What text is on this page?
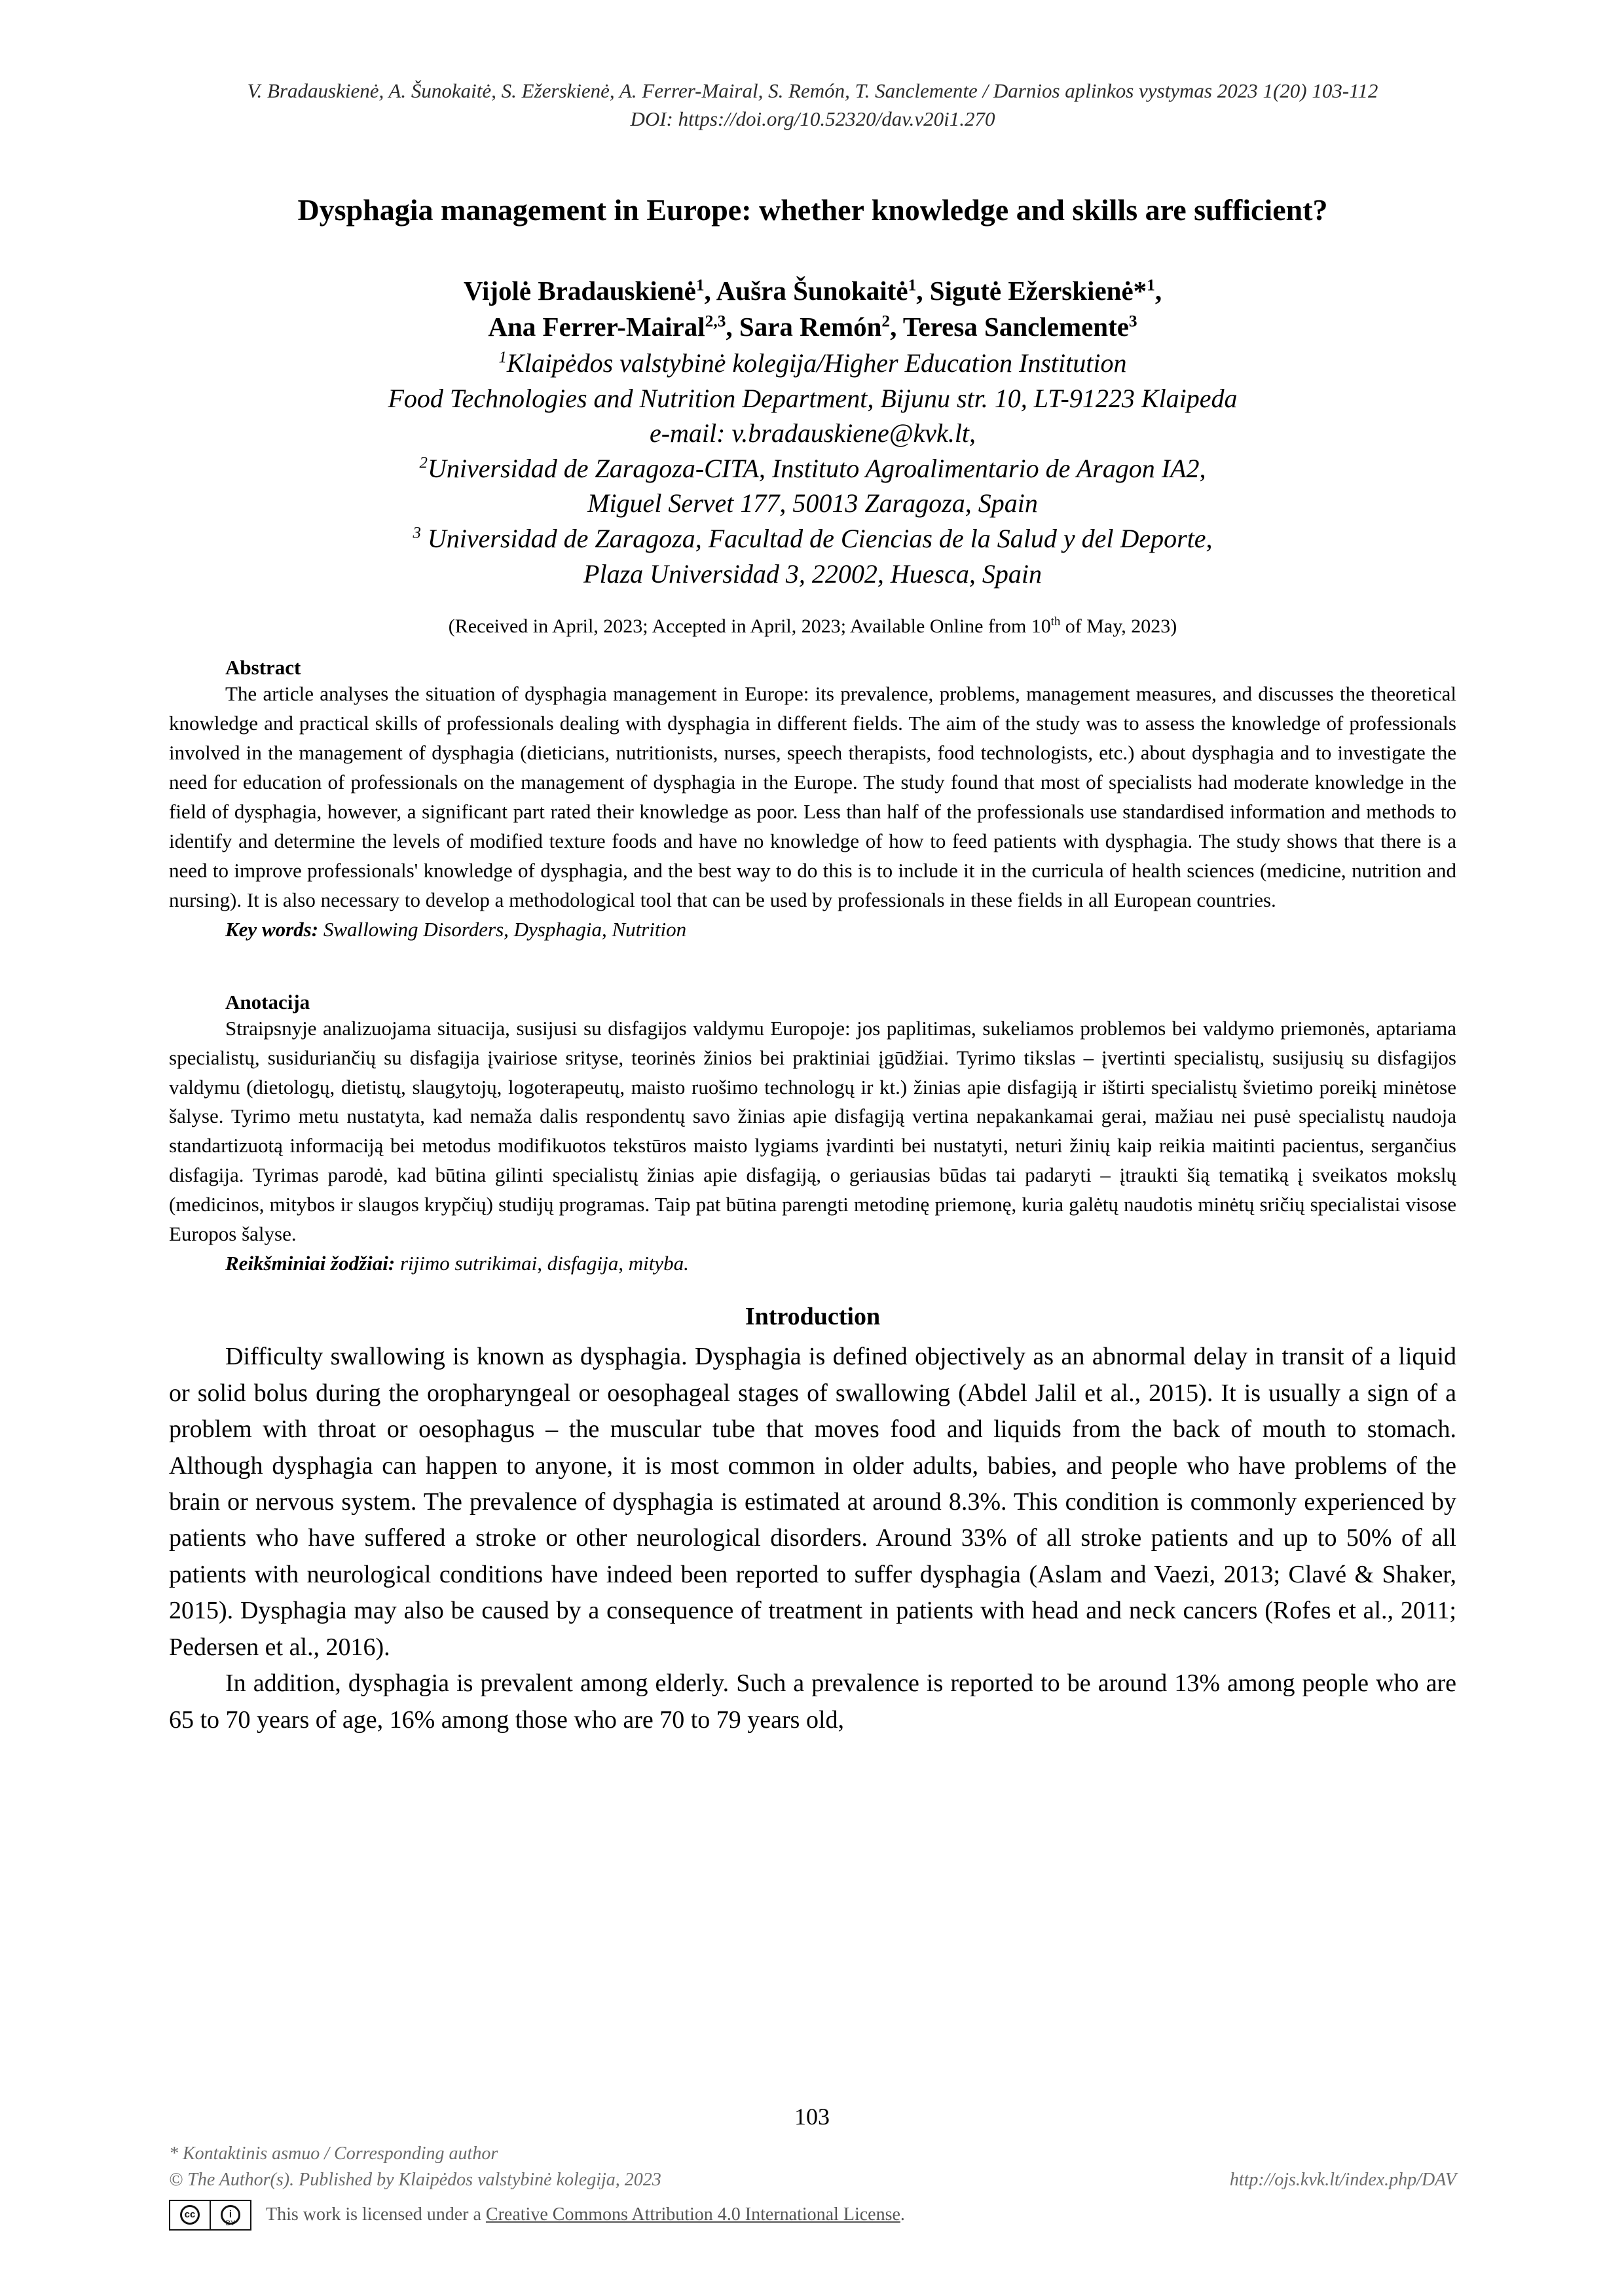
V. Bradauskienė, A. Šunokaitė, S. Ežerskienė, A. Ferrer-Mairal, S. Remón, T. Sanclemente / Darnios aplinkos vystymas 2023 1(20) 103-112
DOI: https://doi.org/10.52320/dav.v20i1.270
Dysphagia management in Europe: whether knowledge and skills are sufficient?
Vijolė Bradauskienė$^1$, Aušra Šunokaitė$^1$, Sigutė Ežerskienė*$^1$,
Ana Ferrer-Mairal$^{2,3}$, Sara Remón$^2$, Teresa Sanclemente$^3$
$^1$Klaipėdos valstybinė kolegija/Higher Education Institution
Food Technologies and Nutrition Department, Bijunu str. 10, LT-91223 Klaipeda
e-mail: v.bradauskiene@kvk.lt,
$^2$Universidad de Zaragoza-CITA, Instituto Agroalimentario de Aragon IA2,
Miguel Servet 177, 50013 Zaragoza, Spain
$^3$ Universidad de Zaragoza, Facultad de Ciencias de la Salud y del Deporte,
Plaza Universidad 3, 22002, Huesca, Spain
(Received in April, 2023; Accepted in April, 2023; Available Online from 10th of May, 2023)
Abstract

The article analyses the situation of dysphagia management in Europe: its prevalence, problems, management measures, and discusses the theoretical knowledge and practical skills of professionals dealing with dysphagia in different fields. The aim of the study was to assess the knowledge of professionals involved in the management of dysphagia (dieticians, nutritionists, nurses, speech therapists, food technologists, etc.) about dysphagia and to investigate the need for education of professionals on the management of dysphagia in the Europe. The study found that most of specialists had moderate knowledge in the field of dysphagia, however, a significant part rated their knowledge as poor. Less than half of the professionals use standardised information and methods to identify and determine the levels of modified texture foods and have no knowledge of how to feed patients with dysphagia. The study shows that there is a need to improve professionals' knowledge of dysphagia, and the best way to do this is to include it in the curricula of health sciences (medicine, nutrition and nursing). It is also necessary to develop a methodological tool that can be used by professionals in these fields in all European countries.

Key words: Swallowing Disorders, Dysphagia, Nutrition

Anotacija

Straipsnyje analizuojama situacija, susijusi su disfagijos valdymu Europoje: jos paplitimas, sukeliamos problemos bei valdymo priemonės, aptariama specialistų, susiduriančių su disfagija įvairiose srityse, teorinės žinios bei praktiniai įgūdžiai. Tyrimo tikslas – įvertinti specialistų, susijusių su disfagijos valdymu (dietologų, dietistų, slaugytojų, logoterapeutų, maisto ruošimo technologų ir kt.) žinias apie disfagiją ir ištirti specialistų švietimo poreikį minėtose šalyse. Tyrimo metu nustatyta, kad nemaža dalis respondentų savo žinias apie disfagiją vertina nepakankamai gerai, mažiau nei pusė specialistų naudoja standartizuotą informaciją bei metodus modifikuotos tekstūros maisto lygiams įvardinti bei nustatyti, neturi žinių kaip reikia maitinti pacientus, sergančius disfagija. Tyrimas parodė, kad būtina gilinti specialistų žinias apie disfagiją, o geriausias būdas tai padaryti – įtraukti šią tematiką į sveikatos mokslų (medicinos, mitybos ir slaugos krypčių) studijų programas. Taip pat būtina parengti metodinę priemonę, kuria galėtų naudotis minėtų sričių specialistai visose Europos šalyse.

Reikšminiai žodžiai: rijimo sutrikimai, disfagija, mityba.

Introduction

Difficulty swallowing is known as dysphagia. Dysphagia is defined objectively as an abnormal delay in transit of a liquid or solid bolus during the oropharyngeal or oesophageal stages of swallowing (Abdel Jalil et al., 2015). It is usually a sign of a problem with throat or oesophagus – the muscular tube that moves food and liquids from the back of mouth to stomach. Although dysphagia can happen to anyone, it is most common in older adults, babies, and people who have problems of the brain or nervous system. The prevalence of dysphagia is estimated at around 8.3%. This condition is commonly experienced by patients who have suffered a stroke or other neurological disorders. Around 33% of all stroke patients and up to 50% of all patients with neurological conditions have indeed been reported to suffer dysphagia (Aslam and Vaezi, 2013; Clavé & Shaker, 2015). Dysphagia may also be caused by a consequence of treatment in patients with head and neck cancers (Rofes et al., 2011; Pedersen et al., 2016).

In addition, dysphagia is prevalent among elderly. Such a prevalence is reported to be around 13% among people who are 65 to 70 years of age, 16% among those who are 70 to 79 years old,

103
* Kontaktinis asmuo / Corresponding author
© The Author(s). Published by Klaipėdos valstybinė kolegija, 2023	http://ojs.kvk.lt/index.php/DAV
cc	i
BY	This work is licensed under a Creative Commons Attribution 4.0 International License.
